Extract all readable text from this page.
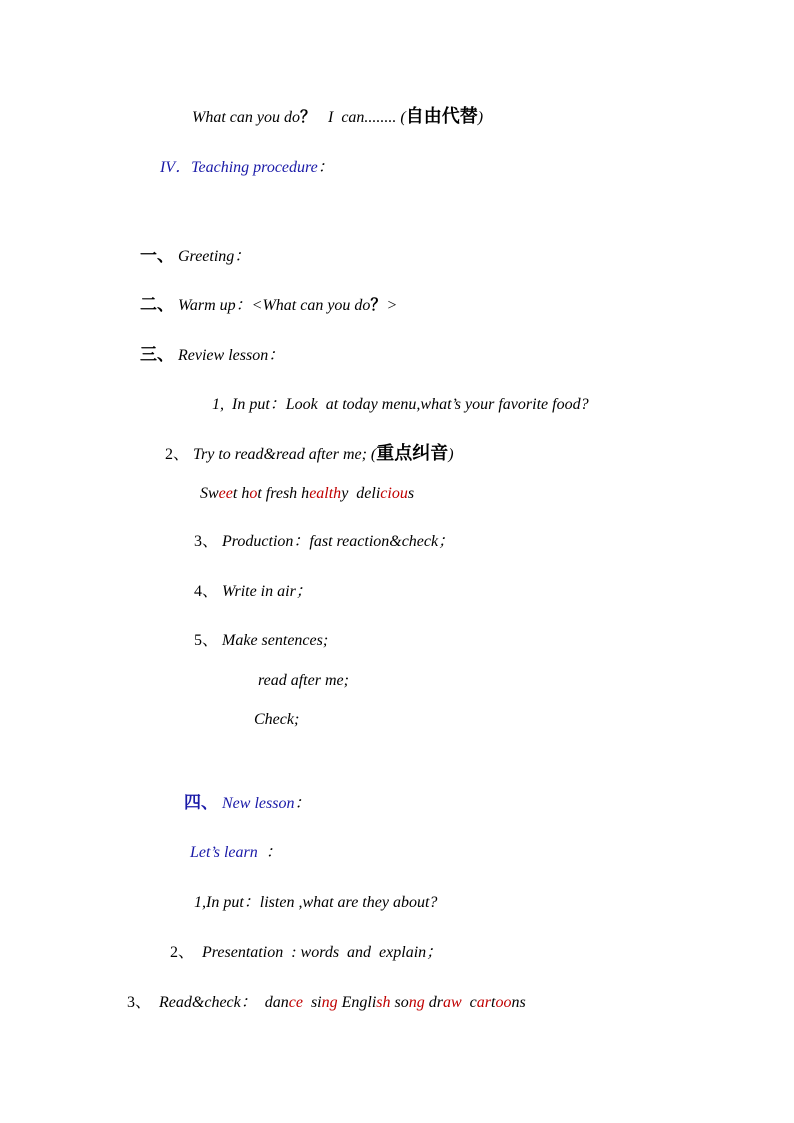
What can you do？   I  can........ (自由代替)
IV．Teaching procedure：
一、 Greeting：
二、 Warm up：<What can you do？>
三、 Review lesson：
1,  In put：Look  at today menu,what’s your favorite food?
2、 Try to read&read after me; (重点纠音)
Sweet hot fresh healthy  delicious
3、 Production：fast reaction&check；
4、 Write in air；
5、 Make sentences;
read after me;
Check;
四、 New lesson：
Let’s learn  ：
1,In put：listen ,what are they about?
2、 Presentation  : words  and  explain；
3、 Read&check：  dance  sing English song draw  cartoons
